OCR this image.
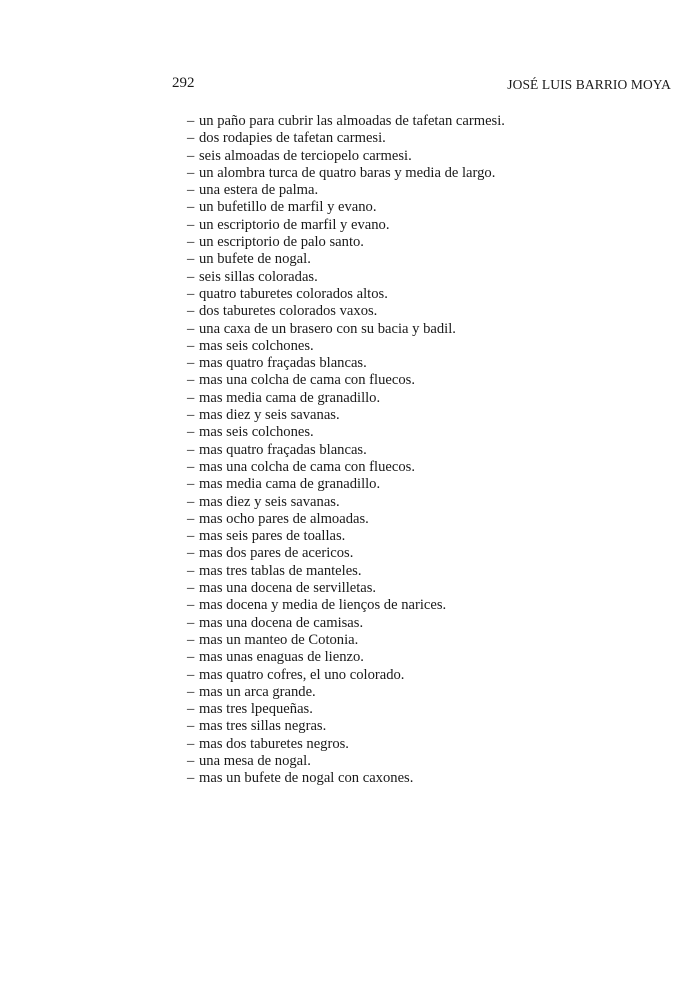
292	JOSÉ LUIS BARRIO MOYA
– un paño para cubrir las almoadas de tafetan carmesi.
– dos rodapies de tafetan carmesi.
– seis almoadas de terciopelo carmesi.
– un alombra turca de quatro baras y media de largo.
– una estera de palma.
– un bufetillo de marfil y evano.
– un escriptorio de marfil y evano.
– un escriptorio de palo santo.
– un bufete de nogal.
– seis sillas coloradas.
– quatro taburetes colorados altos.
– dos taburetes colorados vaxos.
– una caxa de un brasero con su bacia y badil.
– mas seis colchones.
– mas quatro fraçadas blancas.
– mas una colcha de cama con fluecos.
– mas media cama de granadillo.
– mas diez y seis savanas.
– mas seis colchones.
– mas quatro fraçadas blancas.
– mas una colcha de cama con fluecos.
– mas media cama de granadillo.
– mas diez y seis savanas.
– mas ocho pares de almoadas.
– mas seis pares de toallas.
– mas dos pares de acericos.
– mas tres tablas de manteles.
– mas una docena de servilletas.
– mas docena y media de lienços de narices.
– mas una docena de camisas.
– mas un manteo de Cotonia.
– mas unas enaguas de lienzo.
– mas quatro cofres, el uno colorado.
– mas un arca grande.
– mas tres lpequeñas.
– mas tres sillas negras.
– mas dos taburetes negros.
– una mesa de nogal.
– mas un bufete de nogal con caxones.
